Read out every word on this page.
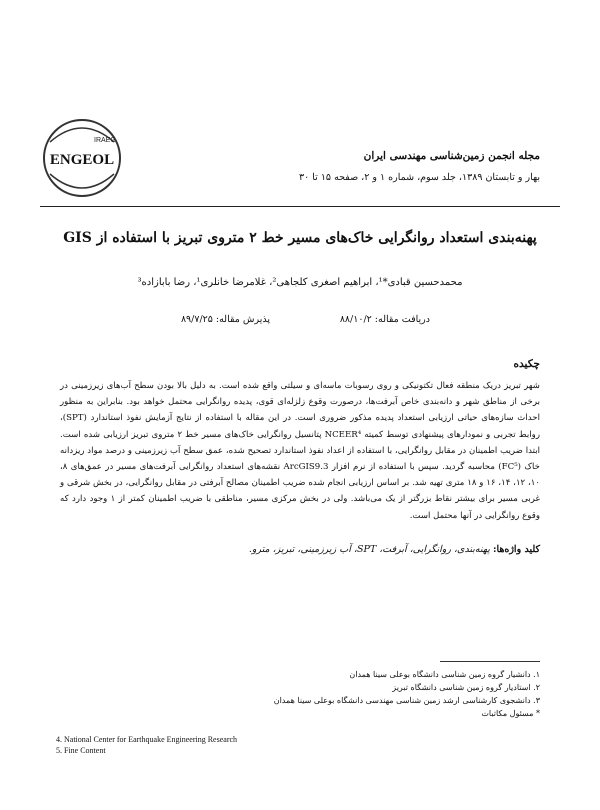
IRAEG
ENGEOL	مجله انجمن زمین‌شناسی مهندسی ایران
بهار و تابستان ۱۳۸۹، جلد سوم، شماره ۱ و ۲، صفحه ۱۵ تا ۳۰
پهنه‌بندی استعداد روانگرایی خاک‌های مسیر خط ۲ متروی تبریز با استفاده از GIS
محمدحسین قبادی*¹، ابراهیم اصغری کلجاهی²، غلامرضا خانلری¹، رضا بابازاده³
دریافت مقاله: ۸۸/۱۰/۲
پذیرش مقاله: ۸۹/۷/۲۵
چکیده

شهر تبریز دریک منطقه فعال تکتونیکی و روی رسوبات ماسه‌ای و سیلتی واقع شده است. به دلیل بالا بودن سطح آب‌های زیرزمینی در برخی از مناطق شهر و دانه‌بندی خاص آبرفت‌ها، درصورت وقوع زلزله‌ای قوی، پدیده روانگرایی محتمل خواهد بود. بنابراین به منظور احداث سازه‌های حیاتی ارزیابی استعداد پدیده مذکور ضروری است. در این مقاله با استفاده از نتایج آزمایش نفوذ استاندارد (SPT)، روابط تجربی و نمودارهای پیشنهادی توسط کمیته NCEER⁴ پتانسیل روانگرایی خاک‌های مسیر خط ۲ متروی تبریز ارزیابی شده است. ابتدا ضریب اطمینان در مقابل روانگرایی، با استفاده از اعداد نفوذ استاندارد تصحیح شده، عمق سطح آب زیرزمینی و درصد مواد ریزدانه خاک (FC⁵) محاسبه گردید. سپس با استفاده از نرم افزار ArcGIS9.3 نقشه‌های استعداد روانگرایی آبرفت‌های مسیر در عمق‌های ۸، ۱۰، ۱۲، ۱۴، ۱۶ و ۱۸ متری تهیه شد. بر اساس ارزیابی انجام شده ضریب اطمینان مصالح آبرفتی در مقابل روانگرایی، در بخش شرقی و غربی مسیر برای بیشتر نقاط بزرگتر از یک می‌باشد. ولی در بخش مرکزی مسیر، مناطقی با ضریب اطمینان کمتر از ۱ وجود دارد که وقوع روانگرایی در آنها محتمل است.

کلید واژه‌ها: پهنه‌بندی، روانگرایی، آبرفت، SPT، آب زیرزمینی، تبریز، مترو.
۱. دانشیار گروه زمین شناسی دانشگاه بوعلی سینا همدان
۲. استادیار گروه زمین شناسی دانشگاه تبریز
۳. دانشجوی کارشناسی ارشد زمین شناسی مهندسی دانشگاه بوعلی سینا همدان
* مسئول مکاتبات
4. National Center for Earthquake Engineering Research
5. Fine Content
